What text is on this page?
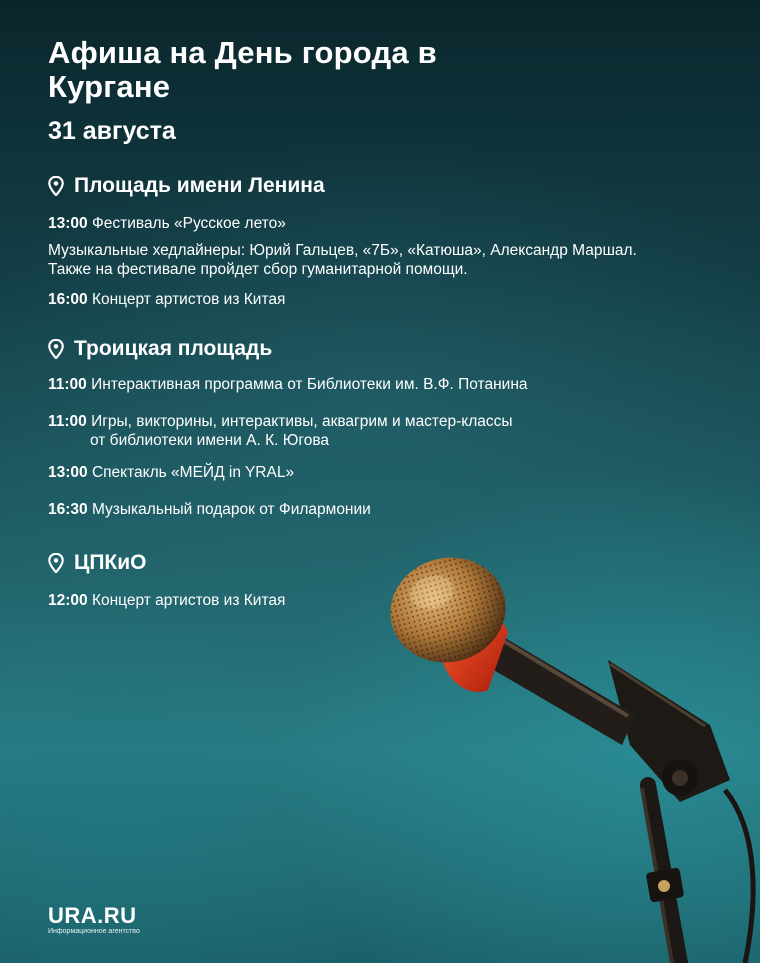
Афиша на День города в Кургане
31 августа
Площадь имени Ленина

13:00 Фестиваль «Русское лето»

Музыкальные хедлайнеры: Юрий Гальцев, «7Б», «Катюша», Александр Маршал.
Также на фестивале пройдет сбор гуманитарной помощи.

16:00 Концерт артистов из Китая

Троицкая площадь

11:00 Интерактивная программа от Библиотеки им. В.Ф. Потанина

11:00 Игры, викторины, интерактивы, аквагрим и мастер-классы
от библиотеки имени А. К. Югова

13:00 Спектакль «МЕЙД in YRAL»

16:30 Музыкальный подарок от Филармонии

ЦПКиО

12:00 Концерт артистов из Китая

URA.RU
Информационное агентство
